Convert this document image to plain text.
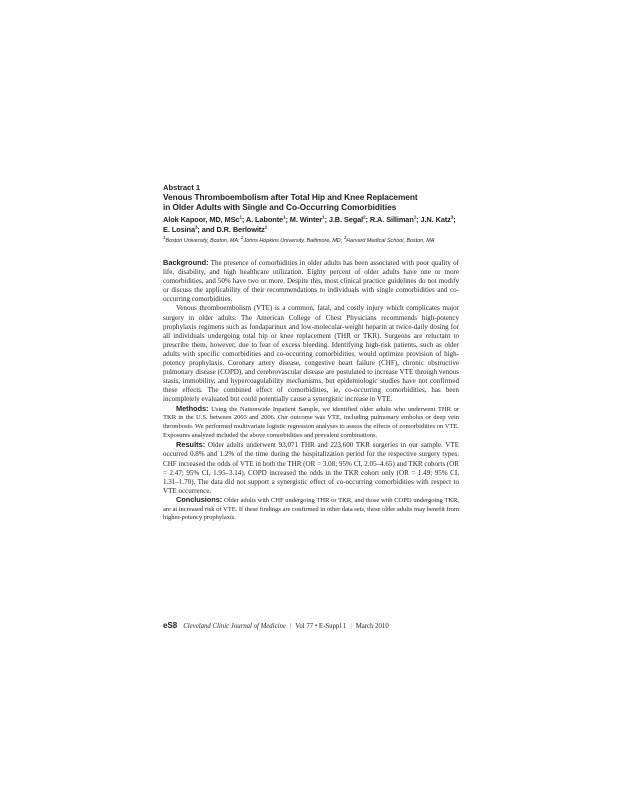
Abstract 1
Venous Thromboembolism after Total Hip and Knee Replacement
in Older Adults with Single and Co-Occurring Comorbidities
Alok Kapoor, MD, MSc$^1$; A. Labonte$^1$; M. Winter$^1$; J.B. Segal$^2$; R.A. Silliman$^1$; J.N. Katz$^3$; E. Losina$^3$; and D.R. Berlowitz$^1$
$^1$Boston University, Boston, MA; $^2$Johns Hopkins University, Baltimore, MD; $^3$Harvard Medical School, Boston, MA

Background: The presence of comorbidities in older adults has been associated with poor quality of life, disability, and high healthcare utilization. Eighty percent of older adults have one or more comorbidities, and 50% have two or more. Despite this, most clinical practice guidelines do not modify or discuss the applicability of their recommendations to individuals with single comorbidities and co-occurring comorbidities.

Venous thromboembolism (VTE) is a common, fatal, and costly injury which complicates major surgery in older adults. The American College of Chest Physicians recommends high-potency prophylaxis regimens such as fondaparinux and low-molecular-weight heparin at twice-daily dosing for all individuals undergoing total hip or knee replacement (THR or TKR). Surgeons are reluctant to prescribe them, however, due to fear of excess bleeding. Identifying high-risk patients, such as older adults with specific comorbidities and co-occurring comorbidities, would optimize provision of high-potency prophylaxis. Coronary artery disease, congestive heart failure (CHF), chronic obstructive pulmonary disease (COPD), and cerebrovascular disease are postulated to increase VTE through venous stasis, immobility, and hypercoagulability mechanisms, but epidemiologic studies have not confirmed these effects. The combined effect of comorbidities, ie, co-occurring comorbidities, has been incompletely evaluated but could potentially cause a synergistic increase in VTE.

Methods: Using the Nationwide Inpatient Sample, we identified older adults who underwent THR or TKR in the U.S. between 2003 and 2006. Our outcome was VTE, including pulmonary embolus or deep vein thrombosis. We performed multivariate logistic regression analyses to assess the effects of comorbidities on VTE. Exposures analyzed included the above comorbidities and prevalent combinations.

Results: Older adults underwent 93,071 THR and 223,600 TKR surgeries in our sample. VTE occurred 0.8% and 1.2% of the time during the hospitalization period for the respective surgery types. CHF increased the odds of VTE in both the THR (OR = 3.08; 95% CI, 2.05–4.65) and TKR cohorts (OR = 2.47; 95% CI, 1.95–3.14). COPD increased the odds in the TKR cohort only (OR = 1.49; 95% CI, 1.31–1.70). The data did not support a synergistic effect of co-occurring comorbidities with respect to VTE occurrence.

Conclusions: Older adults with CHF undergoing THR or TKR, and those with COPD undergoing TKR, are at increased risk of VTE. If these findings are confirmed in other data sets, these older adults may benefit from higher-potency prophylaxis.

eS8 Cleveland Clinic Journal of Medicine | Vol 77 • E-Suppl 1 | March 2010
